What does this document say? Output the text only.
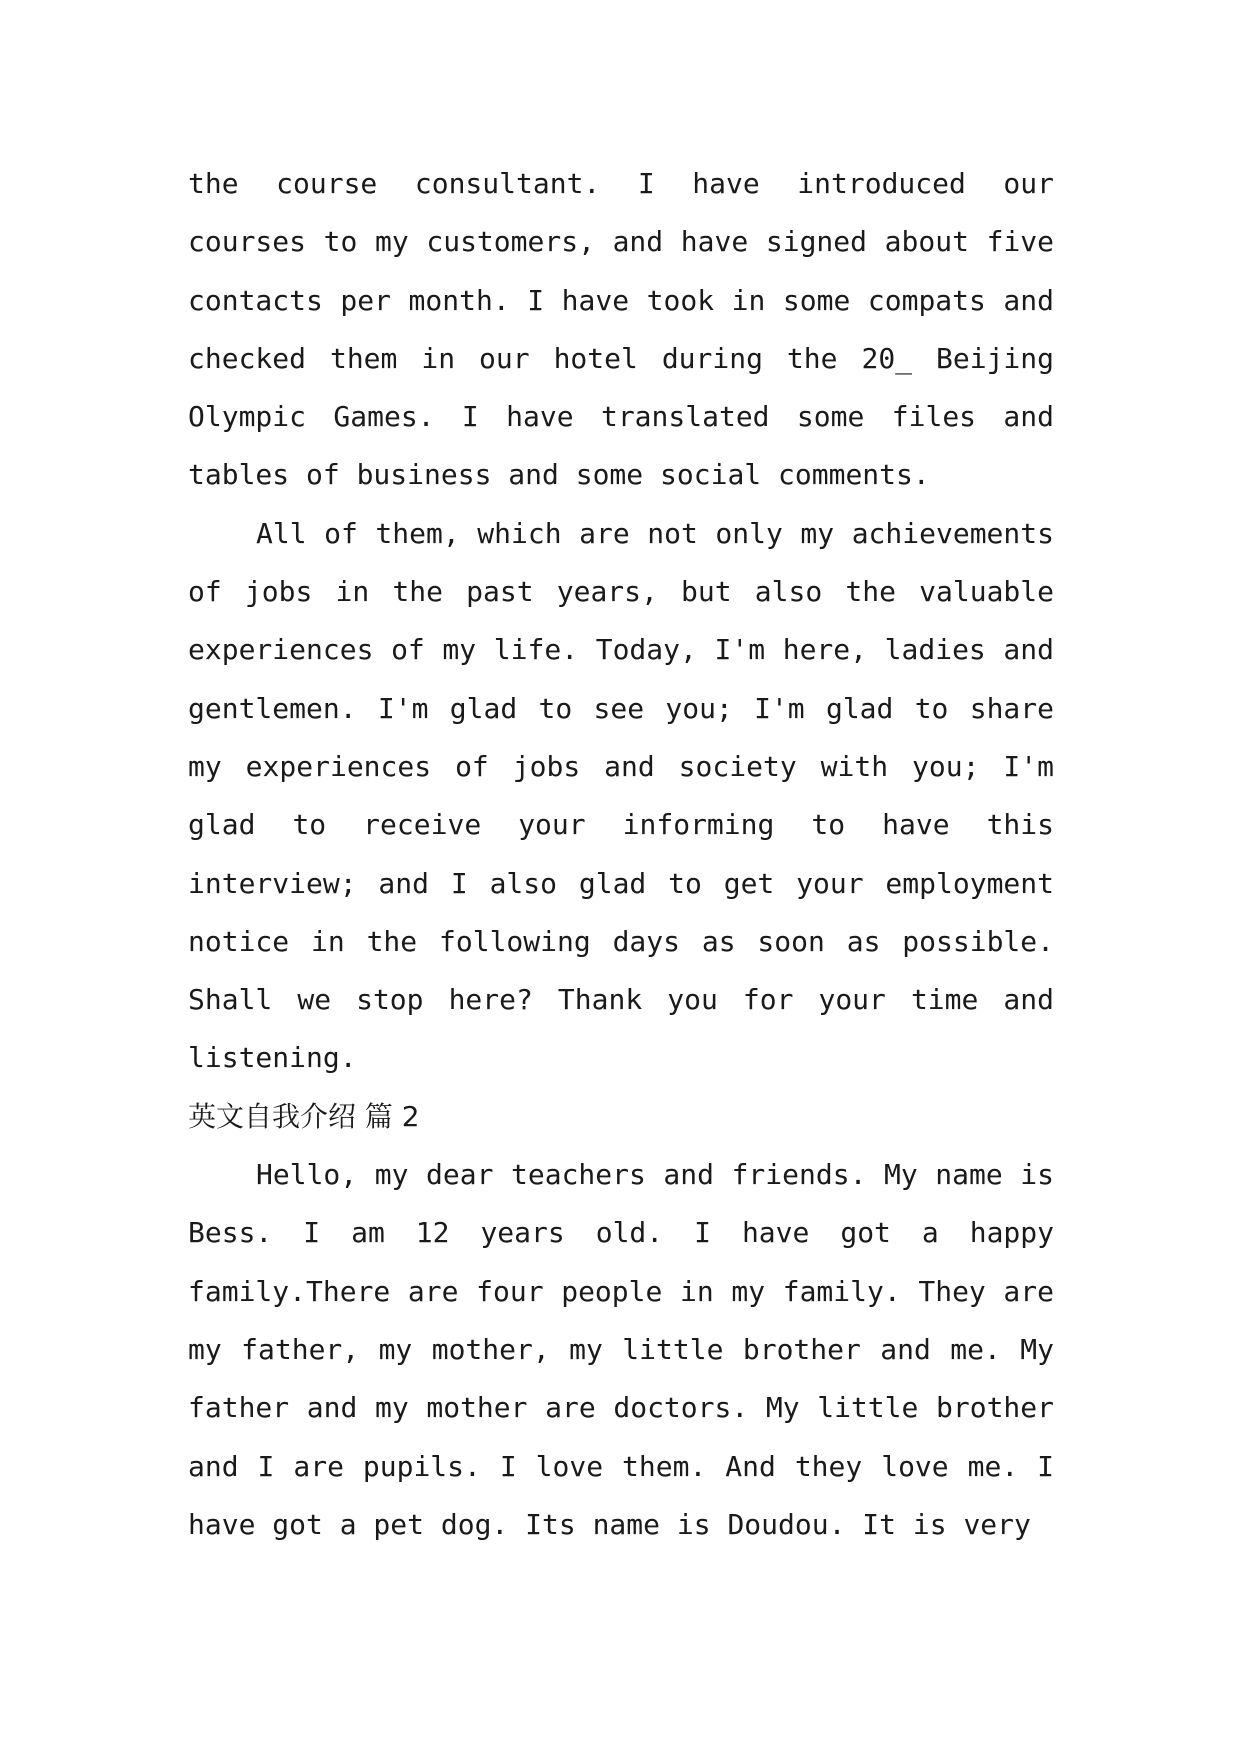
the course consultant. I have introduced our courses to my customers, and have signed about five contacts per month. I have took in some compats and checked them in our hotel during the 20_ Beijing Olympic Games. I have translated some files and tables of business and some social comments.

All of them, which are not only my achievements of jobs in the past years, but also the valuable experiences of my life. Today, I'm here, ladies and gentlemen. I'm glad to see you; I'm glad to share my experiences of jobs and society with you; I'm glad to receive your informing to have this interview; and I also glad to get your employment notice in the following days as soon as possible. Shall we stop here? Thank you for your time and listening.

英文自我介绍 篇 2

Hello, my dear teachers and friends. My name is Bess. I am 12 years old. I have got a happy family.There are four people in my family. They are my father, my mother, my little brother and me. My father and my mother are doctors. My little brother and I are pupils. I love them. And they love me. I have got a pet dog. Its name is Doudou. It is very
